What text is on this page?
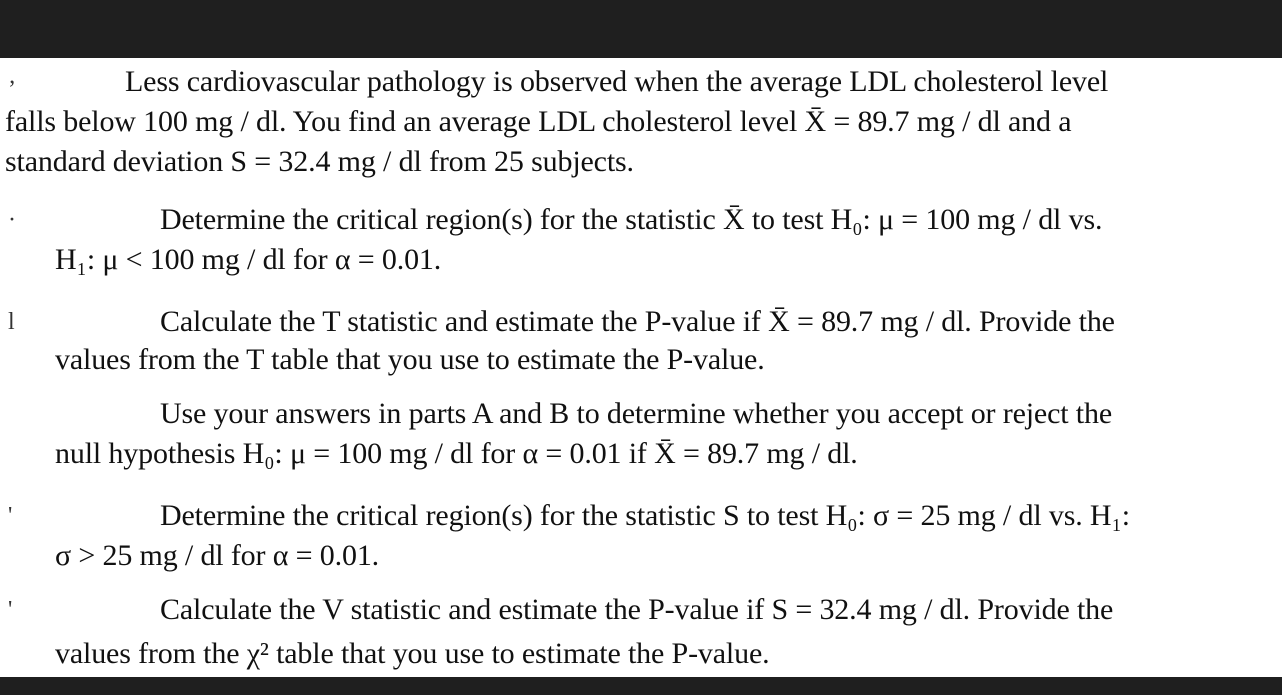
‚	Less cardiovascular pathology is observed when the average LDL cholesterol level
falls below 100 mg / dl. You find an average LDL cholesterol level X̄ = 89.7 mg / dl and a
standard deviation S = 32.4 mg / dl from 25 subjects.
·	Determine the critical region(s) for the statistic X̄ to test H₀: μ = 100 mg / dl vs.
H₁: μ < 100 mg / dl for α = 0.01.
l	Calculate the T statistic and estimate the P-value if X̄ = 89.7 mg / dl. Provide the
values from the T table that you use to estimate the P-value.
Use your answers in parts A and B to determine whether you accept or reject the
null hypothesis H₀: μ = 100 mg / dl for α = 0.01 if X̄ = 89.7 mg / dl.
'	Determine the critical region(s) for the statistic S to test H₀: σ = 25 mg / dl vs. H₁:
σ > 25 mg / dl for α = 0.01.
'	Calculate the V statistic and estimate the P-value if S = 32.4 mg / dl. Provide the
values from the χ² table that you use to estimate the P-value.
